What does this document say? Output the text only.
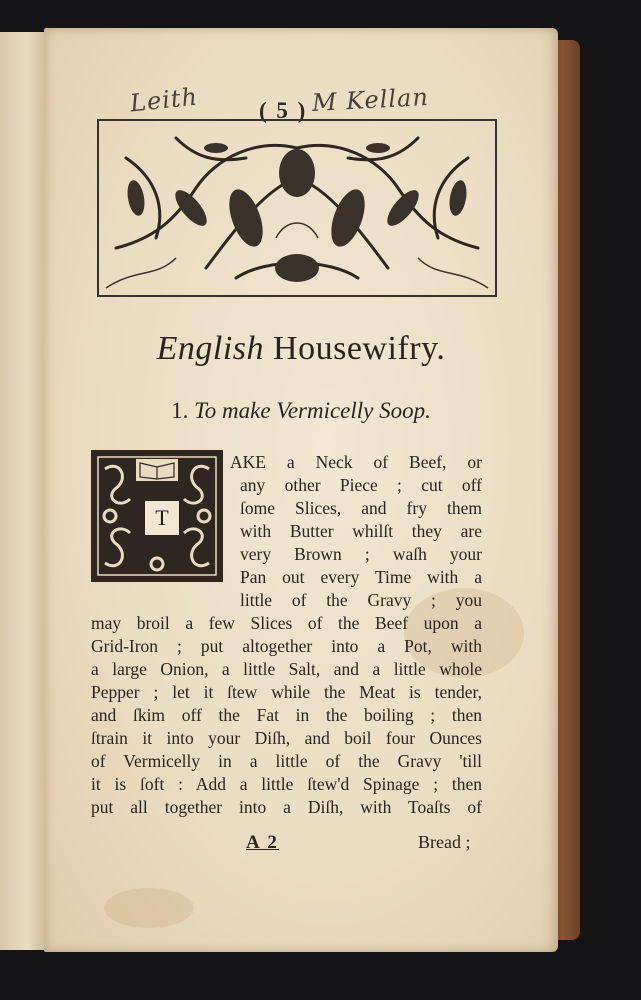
Leith	( 5 ) M Kellan
English Housewifry.
1. To make Vermicelly Soop.
T
AKE a Neck of Beef, or
any other Piece ; cut off
ſome Slices, and fry them
with Butter whilſt they are
very Brown ; waſh your
Pan out every Time with a
little of the Gravy ; you
may broil a few Slices of the Beef upon a
Grid-Iron ; put altogether into a Pot, with
a large Onion, a little Salt, and a little whole
Pepper ; let it ſtew while the Meat is tender,
and ſkim off the Fat in the boiling ; then
ſtrain it into your Diſh, and boil four Ounces
of Vermicelly in a little of the Gravy 'till
it is ſoft : Add a little ſtew'd Spinage ; then
put all together into a Diſh, with Toaſts of
A 2	Bread ;
